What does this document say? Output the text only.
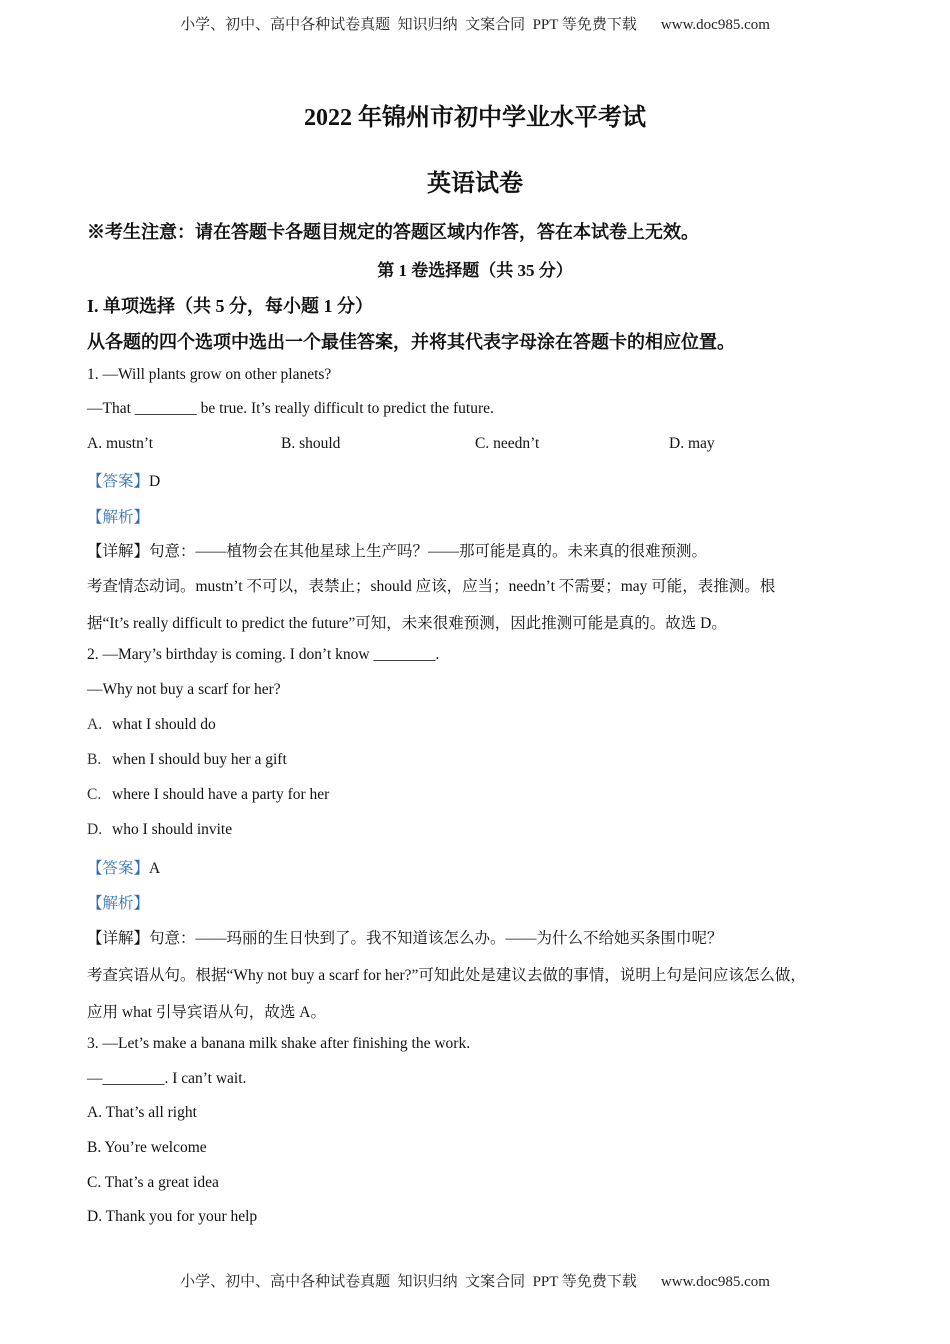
小学、初中、高中各种试卷真题  知识归纳  文案合同  PPT 等免费下载 www.doc985.com
2022 年锦州市初中学业水平考试
英语试卷
※考生注意：请在答题卡各题目规定的答题区域内作答，答在本试卷上无效。
第 1 卷选择题（共 35 分）
I. 单项选择（共 5 分，每小题 1 分）
从各题的四个选项中选出一个最佳答案，并将其代表字母涂在答题卡的相应位置。
1. —Will plants grow on other planets?
—That ________ be true. It’s really difficult to predict the future.
A. mustn’t	B. should	C. needn’t	D. may
【答案】D
【解析】
【详解】句意：——植物会在其他星球上生产吗？——那可能是真的。未来真的很难预测。
考查情态动词。mustn’t 不可以，表禁止；should 应该，应当；needn’t 不需要；may 可能，表推测。根
据“It’s really difficult to predict the future”可知，未来很难预测，因此推测可能是真的。故选 D。
2. —Mary’s birthday is coming. I don’t know ________.
—Why not buy a scarf for her?
A. what I should do
B. when I should buy her a gift
C. where I should have a party for her
D. who I should invite
【答案】A
【解析】
【详解】句意：——玛丽的生日快到了。我不知道该怎么办。——为什么不给她买条围巾呢？
考查宾语从句。根据“Why not buy a scarf for her?”可知此处是建议去做的事情，说明上句是问应该怎么做，
应用 what 引导宾语从句，故选 A。
3. —Let’s make a banana milk shake after finishing the work.
—________. I can’t wait.
A. That’s all right
B. You’re welcome
C. That’s a great idea
D. Thank you for your help
小学、初中、高中各种试卷真题  知识归纳  文案合同  PPT 等免费下载 www.doc985.com
